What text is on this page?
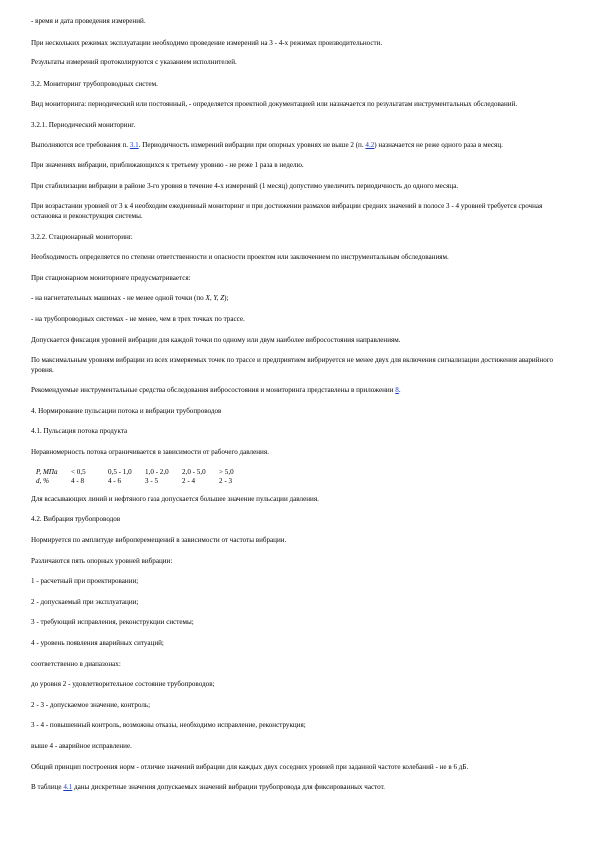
- время и дата проведения измерений.

При нескольких режимах эксплуатации необходимо проведение измерений на 3 - 4-х режимах производительности.

Результаты измерений протоколируются с указанием исполнителей.

3.2. Мониторинг трубопроводных систем.

Вид мониторинга: периодический или постоянный, - определяется проектной документацией или назначается по результатам инструментальных обследований.

3.2.1. Периодический мониторинг.

Выполняются все требования п. 3.1. Периодичность измерений вибрации при опорных уровнях не выше 2 (п. 4.2) назначается не реже одного раза в месяц.

При значениях вибрации, приближающихся к третьему уровню - не реже 1 раза в неделю.

При стабилизации вибрации в районе 3-го уровня в течение 4-х измерений (1 месяц) допустимо увеличить периодичность до одного месяца.

При возрастании уровней от 3 к 4 необходим ежедневный мониторинг и при достижении размахов вибрации средних значений в полосе 3 - 4 уровней требуется срочная остановка и реконструкция системы.

3.2.2. Стационарный мониторинг.

Необходимость определяется по степени ответственности и опасности проектом или заключением по инструментальным обследованиям.

При стационарном мониторинге предусматривается:

- на нагнетательных машинах - не менее одной точки (по X, Y, Z);

- на трубопроводных системах - не менее, чем в трех точках по трассе.

Допускается фиксация уровней вибрации для каждой точки по одному или двум наиболее вибросостояния направлениям.

По максимальным уровням вибрации из всех измеряемых точек по трассе и предприятием вибрируется не менее двух для включения сигнализации достижения аварийного уровня.

Рекомендуемые инструментальные средства обследования вибросостояния и мониторинга представлены в приложении 8.

4. Нормирование пульсации потока и вибрации трубопроводов

4.1. Пульсация потока продукта

Неравномерность потока ограничивается в зависимости от рабочего давления.

P, МПа	< 0,5	0,5 - 1,0	1,0 - 2,0	2,0 - 5,0	> 5,0
d, %	4 - 8	4 - 6	3 - 5	2 - 4	2 - 3

Для всасывающих линий и нефтяного газа допускается большее значение пульсации давления.

4.2. Вибрация трубопроводов

Нормируется по амплитуде виброперемещений в зависимости от частоты вибрации.

Различаются пять опорных уровней вибрации:

1 - расчетный при проектировании;

2 - допускаемый при эксплуатации;

3 - требующий исправления, реконструкции системы;

4 - уровень появления аварийных ситуаций;

соответственно в диапазонах:

до уровня 2 - удовлетворительное состояние трубопроводов;

2 - 3 - допускаемое значение, контроль;

3 - 4 - повышенный контроль, возможны отказы, необходимо исправление, реконструкция;

выше 4 - аварийное исправление.

Общий принцип построения норм - отличие значений вибрации для каждых двух соседних уровней при заданной частоте колебаний - не в 6 дБ.

В таблице 4.1 даны дискретные значения допускаемых значений вибрации трубопровода для фиксированных частот.
